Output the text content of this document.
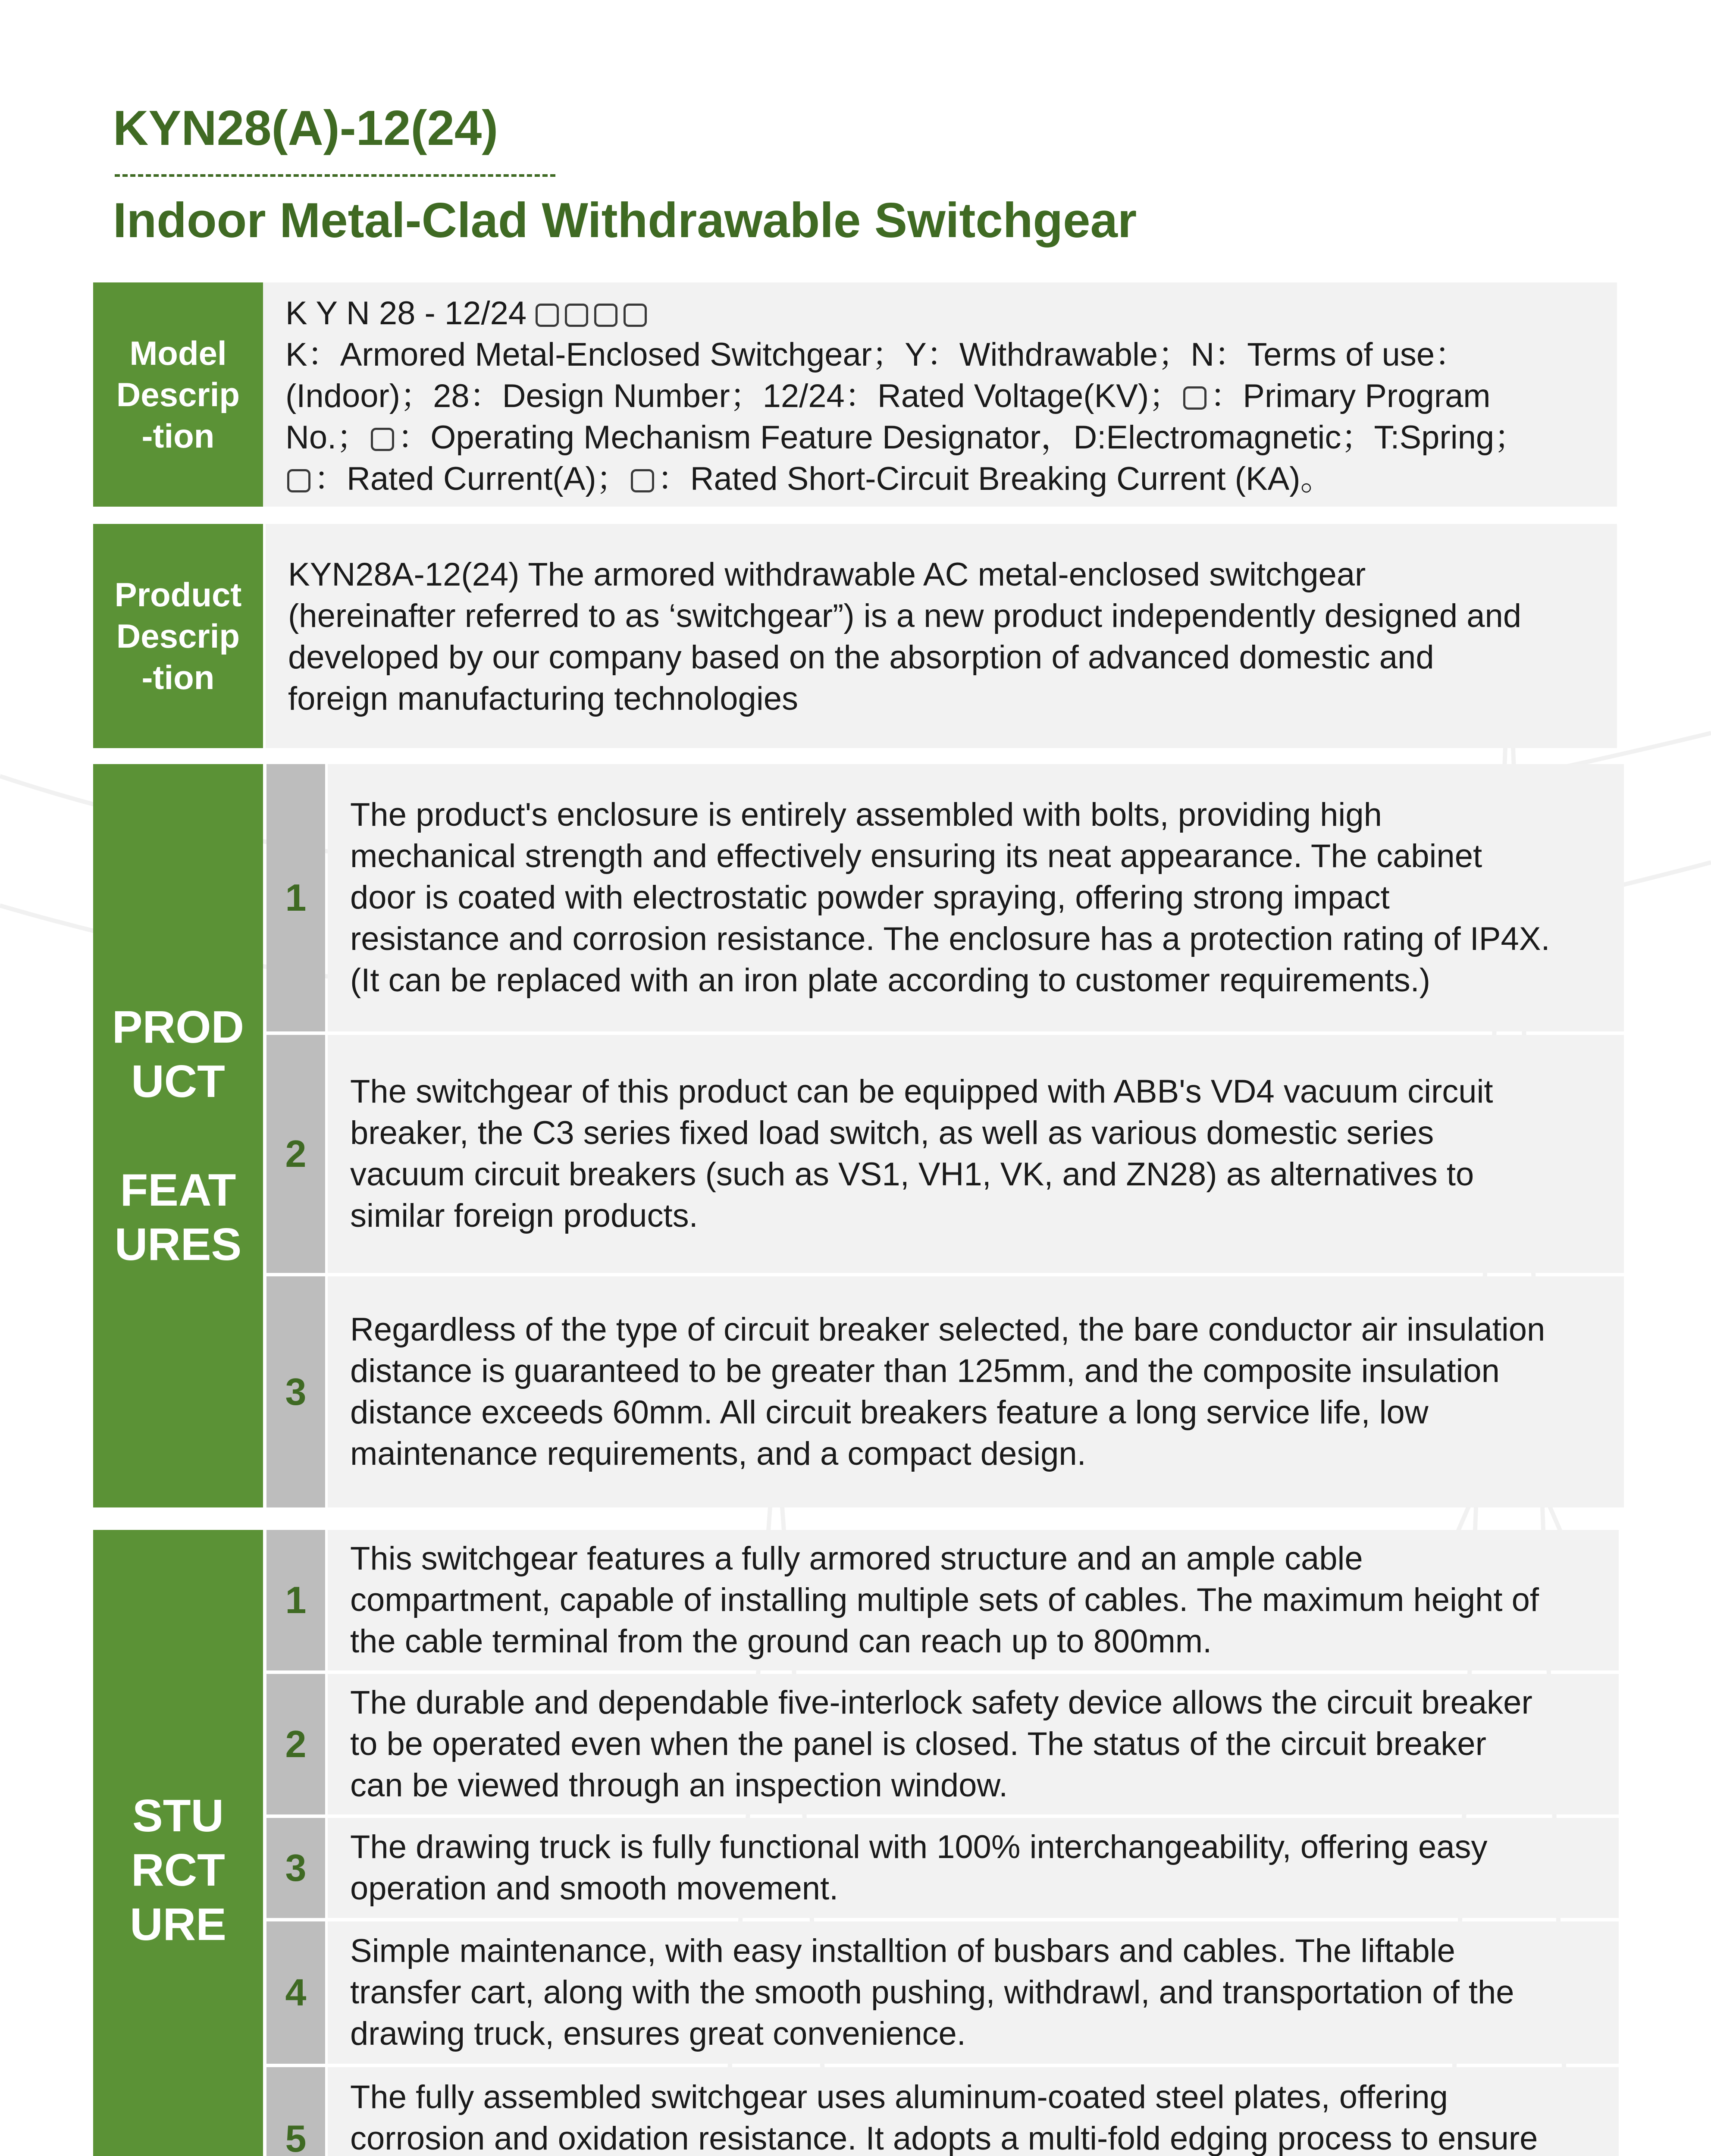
KYN28(A)-12(24)
Indoor Metal-Clad Withdrawable Switchgear
Model
Descrip
-tion
K Y N 28 - 12/24
K：Armored Metal-Enclosed Switchgear；Y：Withdrawable；N：Terms of use：
(Indoor)；28：Design Number；12/24：Rated Voltage(KV)； ：Primary Program
No.； ：Operating Mechanism Feature Designator，D:Electromagnetic；T:Spring；
：Rated Current(A)； ：Rated Short-Circuit Breaking Current (KA)。
Product
Descrip
-tion
KYN28A-12(24) The armored withdrawable AC metal-enclosed switchgear
(hereinafter referred to as ‘switchgear”) is a new product independently designed and
developed by our company based on the absorption of advanced domestic and
foreign manufacturing technologies
PROD
UCT

FEAT
URES
1
The product's enclosure is entirely assembled with bolts, providing high
mechanical strength and effectively ensuring its neat appearance. The cabinet
door is coated with electrostatic powder spraying, offering strong impact
resistance and corrosion resistance. The enclosure has a protection rating of IP4X.
(It can be replaced with an iron plate according to customer requirements.)
2
The switchgear of this product can be equipped with ABB's VD4 vacuum circuit
breaker, the C3 series fixed load switch, as well as various domestic series
vacuum circuit breakers (such as VS1, VH1, VK, and ZN28) as alternatives to
similar foreign products.
3
Regardless of the type of circuit breaker selected, the bare conductor air insulation
distance is guaranteed to be greater than 125mm, and the composite insulation
distance exceeds 60mm. All circuit breakers feature a long service life, low
maintenance requirements, and a compact design.
STU
RCT
URE
1
This switchgear features a fully armored structure and an ample cable
compartment, capable of installing multiple sets of cables. The maximum height of
the cable terminal from the ground can reach up to 800mm.
2
The durable and dependable five-interlock safety device allows the circuit breaker
to be operated even when the panel is closed. The status of the circuit breaker
can be viewed through an inspection window.
3	The drawing truck is fully functional with 100% interchangeability, offering easy
operation and smooth movement.
4
Simple maintenance, with easy installtion of busbars and cables. The liftable
transfer cart, along with the smooth pushing, withdrawl, and transportation of the
drawing truck, ensures great convenience.
5
The fully assembled switchgear uses aluminum-coated steel plates, offering
corrosion and oxidation resistance. It adopts a multi-fold edging process to ensure
